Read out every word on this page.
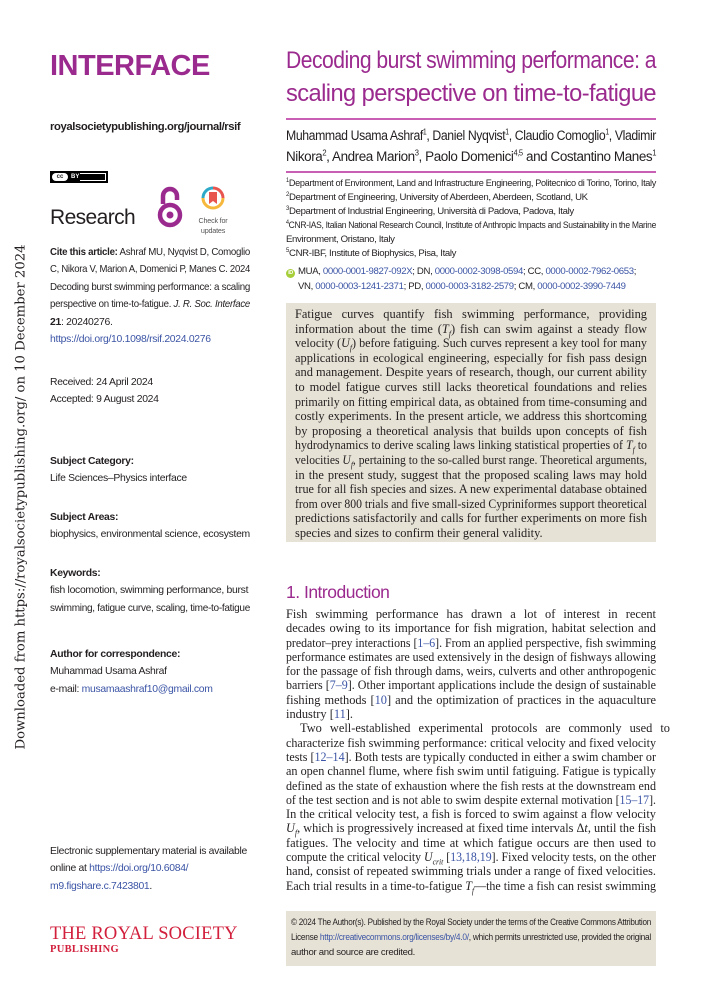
Downloaded from https://royalsocietypublishing.org/ on 10 December 2024
INTERFACE
royalsocietypublishing.org/journal/rsif
cc	BY
Research	Check for
updates
Cite this article: Ashraf MU, Nyqvist D, Comoglio
C, Nikora V, Marion A, Domenici P, Manes C. 2024
Decoding burst swimming performance: a scaling
perspective on time-to-fatigue. J. R. Soc. Interface
21: 20240276.
https://doi.org/10.1098/rsif.2024.0276
Received: 24 April 2024
Accepted: 9 August 2024
Subject Category:
Life Sciences–Physics interface
Subject Areas:
biophysics, environmental science, ecosystem
Keywords:
fish locomotion, swimming performance, burst
swimming, fatigue curve, scaling, time-to-fatigue
Author for correspondence:
Muhammad Usama Ashraf
e-mail: musamaashraf10@gmail.com
Electronic supplementary material is available
online at https://doi.org/10.6084/
m9.figshare.c.7423801.
THE ROYAL SOCIETY
PUBLISHING
Decoding burst swimming performance: a
scaling perspective on time-to-fatigue
Muhammad Usama Ashraf$^1$, Daniel Nyqvist$^1$, Claudio Comoglio$^1$, Vladimir
Nikora$^2$, Andrea Marion$^3$, Paolo Domenici$^{4,5}$ and Costantino Manes$^1$
$^1$Department of Environment, Land and Infrastructure Engineering, Politecnico di Torino, Torino, Italy
$^2$Department of Engineering, University of Aberdeen, Aberdeen, Scotland, UK
$^3$Department of Industrial Engineering, Università di Padova, Padova, Italy
$^4$CNR-IAS, Italian National Research Council, Institute of Anthropic Impacts and Sustainability in the Marine
Environment, Oristano, Italy
$^5$CNR-IBF, Institute of Biophysics, Pisa, Italy
iD MUA, 0000-0001-9827-092X; DN, 0000-0002-3098-0594; CC, 0000-0002-7962-0653;
VN, 0000-0003-1241-2371; PD, 0000-0003-3182-2579; CM, 0000-0002-3990-7449
Fatigue curves quantify fish swimming performance, providing
information about the time $(T_f)$ fish can swim against a steady flow
velocity $(U_f)$ before fatiguing. Such curves represent a key tool for many
applications in ecological engineering, especially for fish pass design
and management. Despite years of research, though, our current ability
to model fatigue curves still lacks theoretical foundations and relies
primarily on fitting empirical data, as obtained from time-consuming and
costly experiments. In the present article, we address this shortcoming
by proposing a theoretical analysis that builds upon concepts of fish
hydrodynamics to derive scaling laws linking statistical properties of $T_f$ to
velocities $U_f$, pertaining to the so-called burst range. Theoretical arguments,
in the present study, suggest that the proposed scaling laws may hold
true for all fish species and sizes. A new experimental database obtained
from over 800 trials and five small-sized Cypriniformes support theoretical
predictions satisfactorily and calls for further experiments on more fish
species and sizes to confirm their general validity.
1. Introduction
Fish swimming performance has drawn a lot of interest in recent
decades owing to its importance for fish migration, habitat selection and
predator–prey interactions [1–6]. From an applied perspective, fish swimming
performance estimates are used extensively in the design of fishways allowing
for the passage of fish through dams, weirs, culverts and other anthropogenic
barriers [7–9]. Other important applications include the design of sustainable
fishing methods [10] and the optimization of practices in the aquaculture
industry [11].
Two well-established experimental protocols are commonly used to
characterize fish swimming performance: critical velocity and fixed velocity
tests [12–14]. Both tests are typically conducted in either a swim chamber or
an open channel flume, where fish swim until fatiguing. Fatigue is typically
defined as the state of exhaustion where the fish rests at the downstream end
of the test section and is not able to swim despite external motivation [15–17].
In the critical velocity test, a fish is forced to swim against a flow velocity
$U_f$, which is progressively increased at fixed time intervals Δt, until the fish
fatigues. The velocity and time at which fatigue occurs are then used to
compute the critical velocity $U_{crit}$ [13,18,19]. Fixed velocity tests, on the other
hand, consist of repeated swimming trials under a range of fixed velocities.
Each trial results in a time-to-fatigue $T_f—the$ time a fish can resist swimming
© 2024 The Author(s). Published by the Royal Society under the terms of the Creative Commons Attribution
License http://creativecommons.org/licenses/by/4.0/, which permits unrestricted use, provided the original
author and source are credited.
